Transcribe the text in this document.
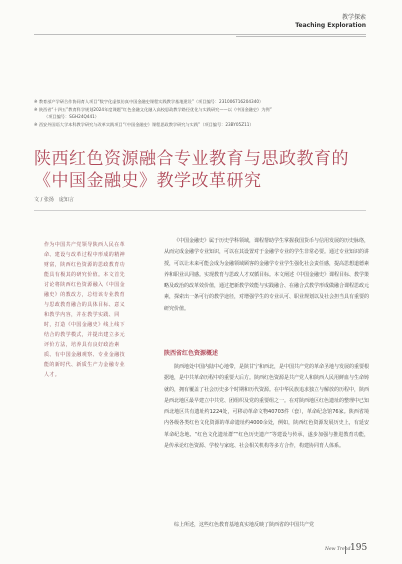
教学探索
Teaching Exploration
※ 教育部产学研合作协同育人项目“数字化虚拟仿真中国金融史课程实践教学基地建设”（项目编号：231006716204340）
※ 陕西省“十四五”教育科学规划2024年度课题“红色金融文化融入高校思政教学路径优化与实践研究——以《中国金融史》为例”
（项目编号：SGH24Q441）
※ 西安外国语大学本科教学研究与改革实践项目“《中国金融史》课程思政教学研究与实践”（项目编号：23BY05Z11）
陕西红色资源融合专业教育与思政教育的
《中国金融史》教学改革研究
文 / 张扬　庞知言
作为中国共产党领导陕西人民在革命、建设与改革过程中形成的精神财富，陕西红色资源的思政教育功能具有极其的研究价值。本文首先讨论将陕西红色资源融入《中国金融史》的教改方，总结该专业教育与思政教育融合的具体目标、意义和教学内容，并在教学实践、同时，打造《中国金融史》线上线下结合的教学模式，并提出建立多元评价方法，培养具有良好政治素质、有中国金融观察、专业金融技能的新时代、新质生产力金融专业人才。
《中国金融史》属于历史学科领域，课程帮助学生掌握我国货币与信用发展的历史脉络，从而完成金融学专业知识，可以在其设置对于金融学专业的学生非常必要。通过专业知识的讲授，可以让未来可能会成为金融领域顾客的金融学专业学生强化社会责任感，提高思想道德素养和职业认同感。实现教育与思政人才双循目标。本文阐述《中国金融史》课程目标、教学策略及政治的改革效价值，通过把新教学效能与实践融合、在融合式教学形成做融合课程思政元素，探索出一条可行的教学途径，对增强学生的专业认可、职业规划以及社会担当具有重要的研究价值。
陕西省红色资源概述
陕西地处中国内陆中心地带，是陕甘宁和西北，是中国共产党的革命圣地与发展的重要根据地，是中共革命历程中的重要大后方。陕西红色资源是共产党人和陕西人民用鲜血与生命铸就的，拥有覆盖了社会历史多个时期和历代资源。在中华民族追求独立与解放的历程中，陕西是西北地区最早建立中共党、团组织及党的重要组之一。在对陕西地区红色遗址的整理中已知西北地区共有遗址约1224处，可移动革命文物40703件（套），革命纪念馆76家。陕西省境内各级各类红色文化资源的革命遗址约4000余处，例如，陕西红色资源发展历史上，有延安革命纪念地、“红色文化遗址群”“红色历史遗产”等建设与传承，遂步加强与推进教育功能，是传承论红色资源、学校与家庭、社会相关机构等多方合作，构建协同育人体系。
综上所述，这些红色教育基地真实地反映了陕西省的中国共产党
New Trend 195
